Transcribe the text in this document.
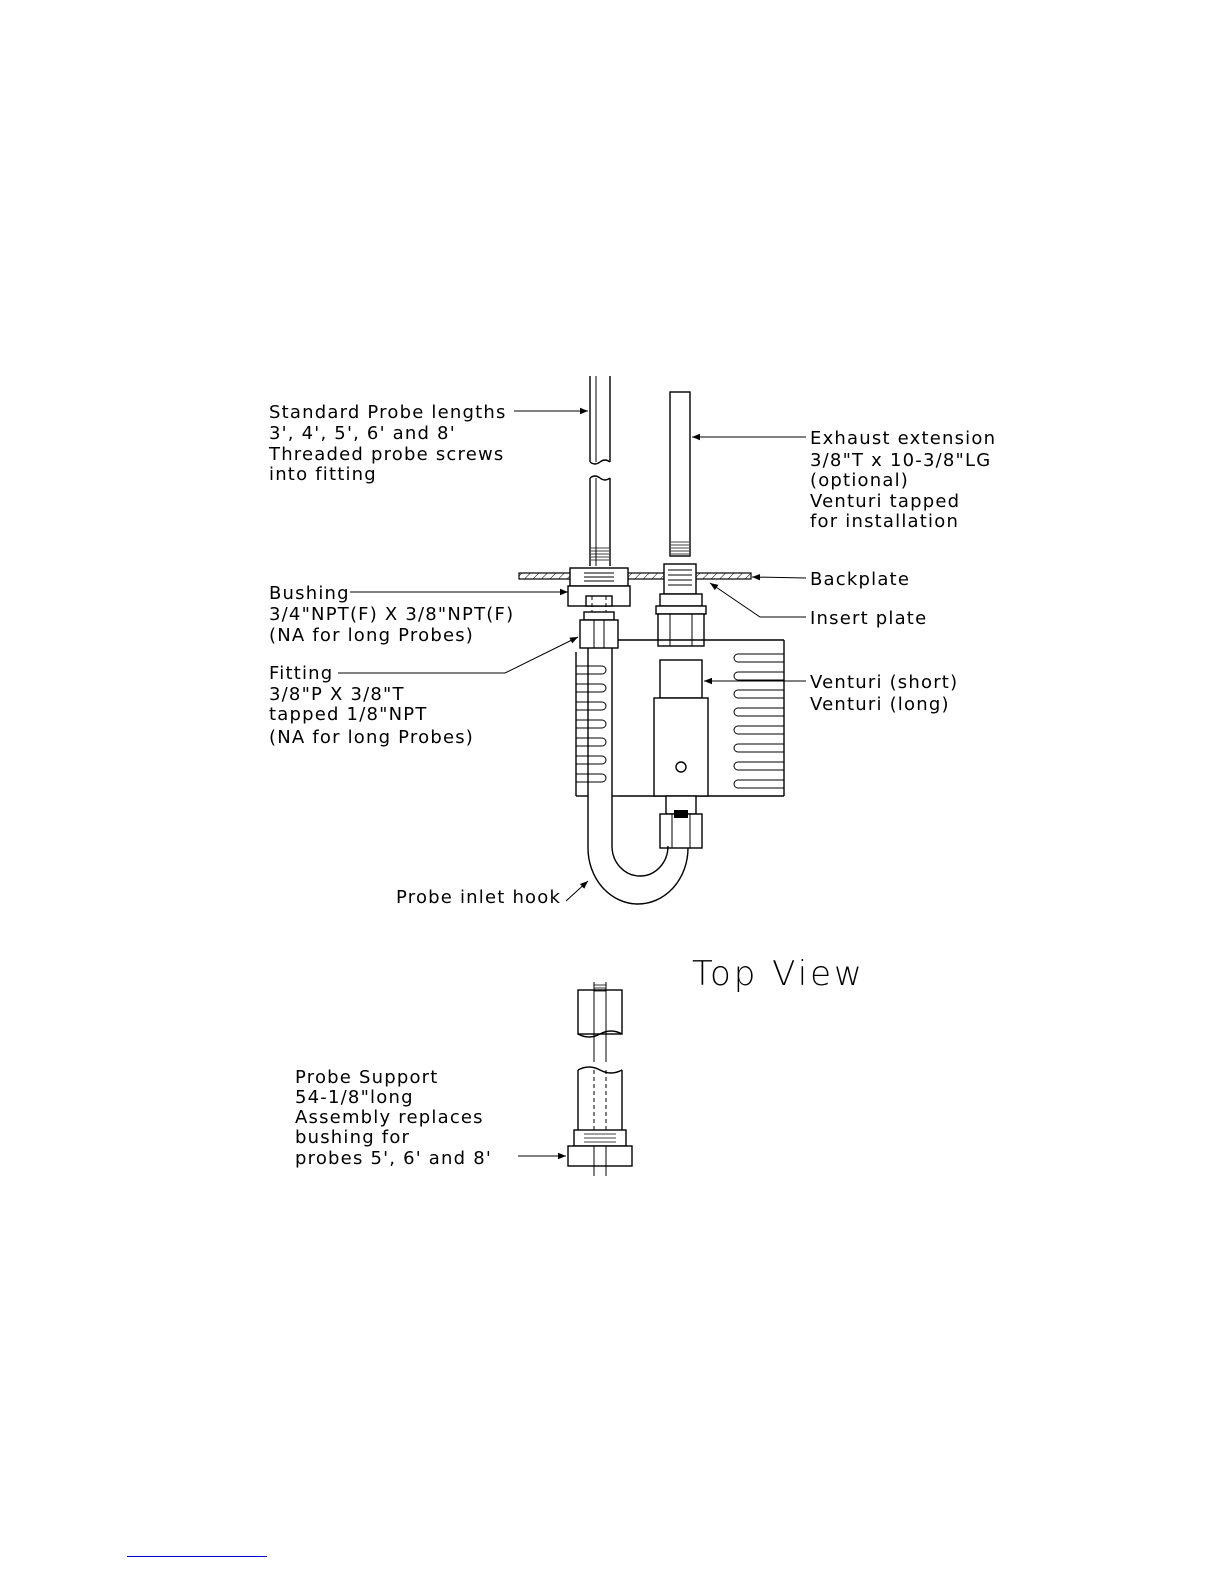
Standard Probe lengths
3', 4', 5', 6' and 8'
Threaded probe screws
into fitting
Exhaust extension
3/8"T x 10-3/8"LG
(optional)
Venturi tapped
for installation
Bushing
3/4"NPT(F) X 3/8"NPT(F)
(NA for long Probes)
Fitting
3/8"P X 3/8"T
tapped 1/8"NPT
(NA for long Probes)
Backplate
Insert plate
Venturi (short)
Venturi (long)
Probe inlet hook
Top View
Probe Support
54-1/8"long
Assembly replaces
bushing for
probes 5', 6' and 8'
